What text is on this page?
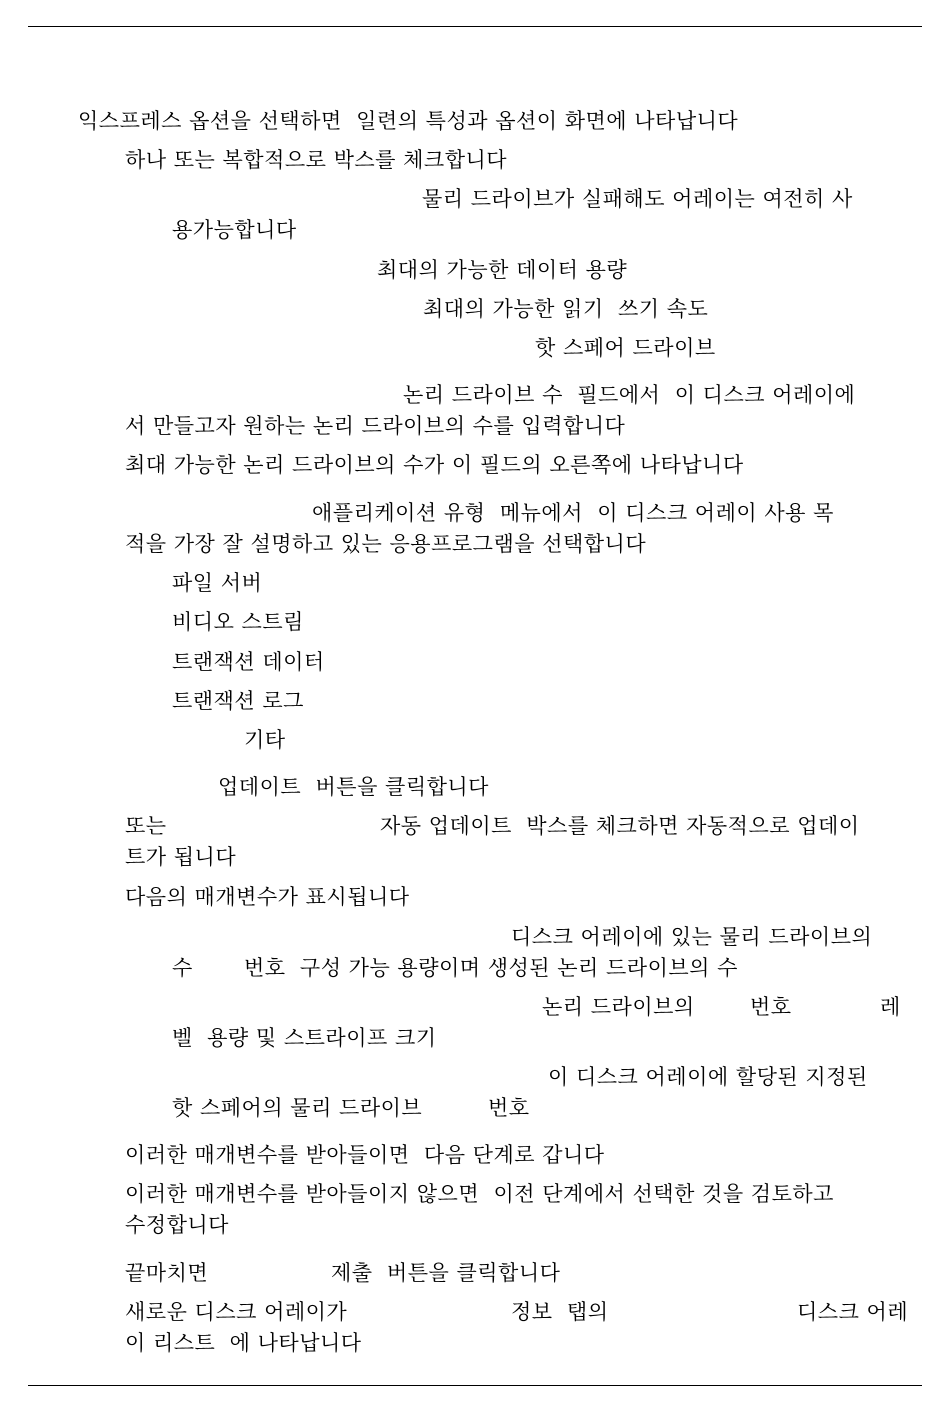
익스프레스 옵션을 선택하면  일련의 특성과 옵션이 화면에 나타납니다
하나 또는 복합적으로 박스를 체크합니다
물리 드라이브가 실패해도 어레이는 여전히 사
용가능합니다
최대의 가능한 데이터 용량
최대의 가능한 읽기  쓰기 속도
핫 스페어 드라이브
논리 드라이브 수  필드에서  이 디스크 어레이에
서 만들고자 원하는 논리 드라이브의 수를 입력합니다
최대 가능한 논리 드라이브의 수가 이 필드의 오른쪽에 나타납니다
애플리케이션 유형  메뉴에서  이 디스크 어레이 사용 목
적을 가장 잘 설명하고 있는 응용프로그램을 선택합니다
파일 서버
비디오 스트림
트랜잭션 데이터
트랜잭션 로그
기타
업데이트  버튼을 클릭합니다
또는	자동 업데이트  박스를 체크하면 자동적으로 업데이
트가 됩니다
다음의 매개변수가 표시됩니다
디스크 어레이에 있는 물리 드라이브의
수 번호  구성 가능 용량이며 생성된 논리 드라이브의 수
논리 드라이브의	번호	레
벨  용량 및 스트라이프 크기
이 디스크 어레이에 할당된 지정된
핫 스페어의 물리 드라이브	번호
이러한 매개변수를 받아들이면  다음 단계로 갑니다
이러한 매개변수를 받아들이지 않으면  이전 단계에서 선택한 것을 검토하고
수정합니다
끝마치면	제출  버튼을 클릭합니다
새로운 디스크 어레이가	정보  탭의	디스크 어레
이 리스트  에 나타납니다
